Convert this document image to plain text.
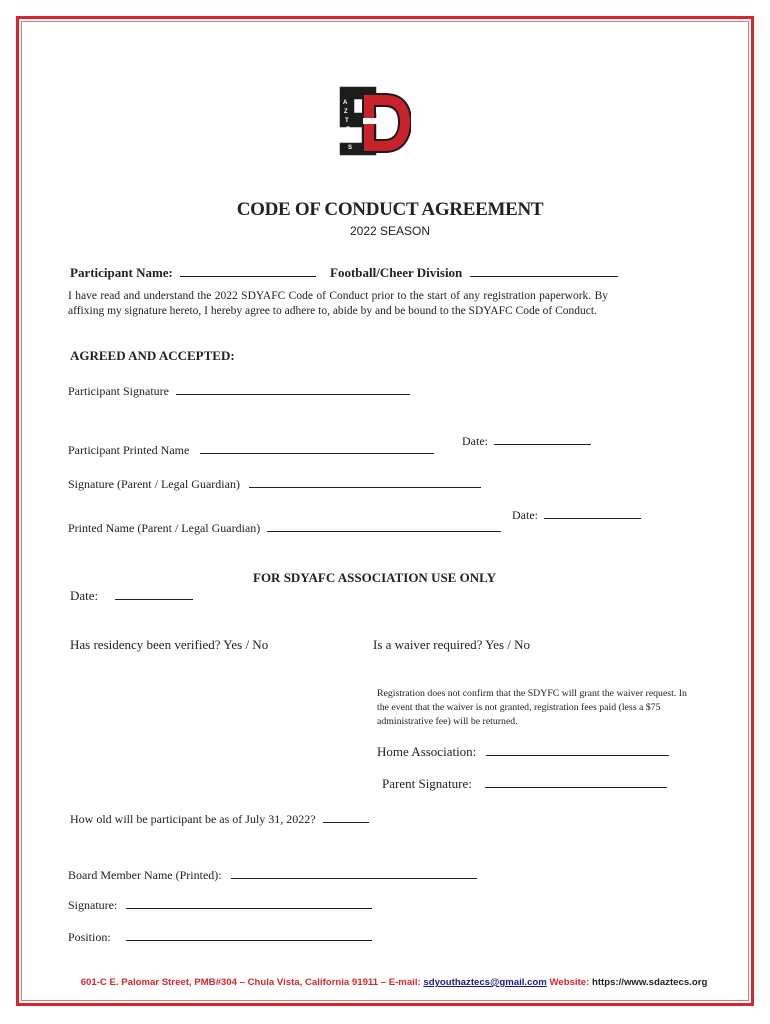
A
Z
T
E
C
S
CODE OF CONDUCT AGREEMENT
2022 SEASON
Participant Name:	Football/Cheer Division
I have read and understand the 2022 SDYAFC Code of Conduct prior to the start of any registration paperwork. By affixing my signature hereto, I hereby agree to adhere to, abide by and be bound to the SDYAFC Code of Conduct.
AGREED AND ACCEPTED:
Participant Signature
Date:
Participant Printed Name
Signature (Parent / Legal Guardian)
Date:
Printed Name (Parent / Legal Guardian)
FOR SDYAFC ASSOCIATION USE ONLY
Date:
Has residency been verified? Yes / No	Is a waiver required? Yes / No
Registration does not confirm that the SDYFC will grant the waiver request. In the event that the waiver is not granted, registration fees paid (less a $75 administrative fee) will be returned.
Home Association:
Parent Signature:
How old will be participant be as of July 31, 2022?
Board Member Name (Printed):
Signature:
Position:
601-C E. Palomar Street, PMB#304 – Chula Vista, California 91911 – E-mail: sdyouthaztecs@gmail.com Website: https://www.sdaztecs.org
